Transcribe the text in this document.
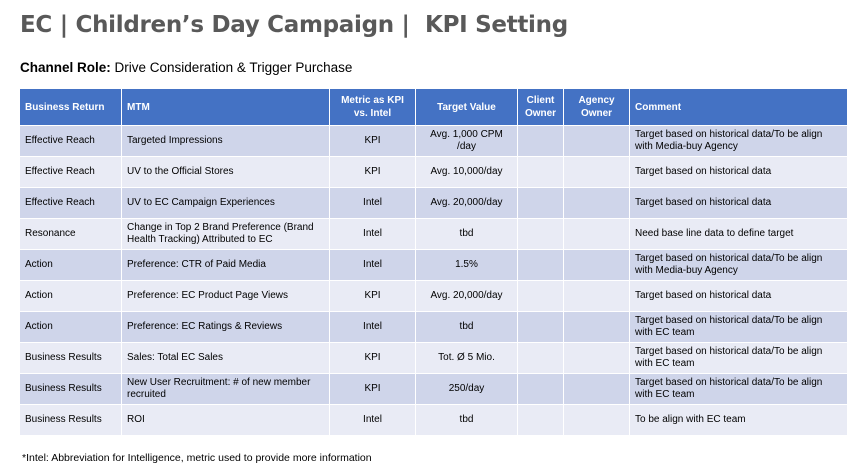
EC | Children’s Day Campaign |  KPI Setting
Channel Role: Drive Consideration & Trigger Purchase
Business Return	MTM	Metric as KPI vs. Intel	Target Value	Client Owner	Agency Owner	Comment
Effective Reach	Targeted Impressions	KPI	Avg. 1,000 CPM /day			Target based on historical data/To be align with Media-buy Agency
Effective Reach	UV to the Official Stores	KPI	Avg. 10,000/day			Target based on historical data
Effective Reach	UV to EC Campaign Experiences	Intel	Avg. 20,000/day			Target based on historical data
Resonance	Change in Top 2 Brand Preference (Brand Health Tracking) Attributed to EC	Intel	tbd			Need base line data to define target
Action	Preference: CTR of Paid Media	Intel	1.5%			Target based on historical data/To be align with Media-buy Agency
Action	Preference: EC Product Page Views	KPI	Avg. 20,000/day			Target based on historical data
Action	Preference: EC Ratings & Reviews	Intel	tbd			Target based on historical data/To be align with EC team
Business Results	Sales: Total EC Sales	KPI	Tot. Ø 5 Mio.			Target based on historical data/To be align with EC team
Business Results	New User Recruitment: # of new member recruited	KPI	250/day			Target based on historical data/To be align with EC team
Business Results	ROI	Intel	tbd			To be align with EC team
*Intel: Abbreviation for Intelligence, metric used to provide more information
